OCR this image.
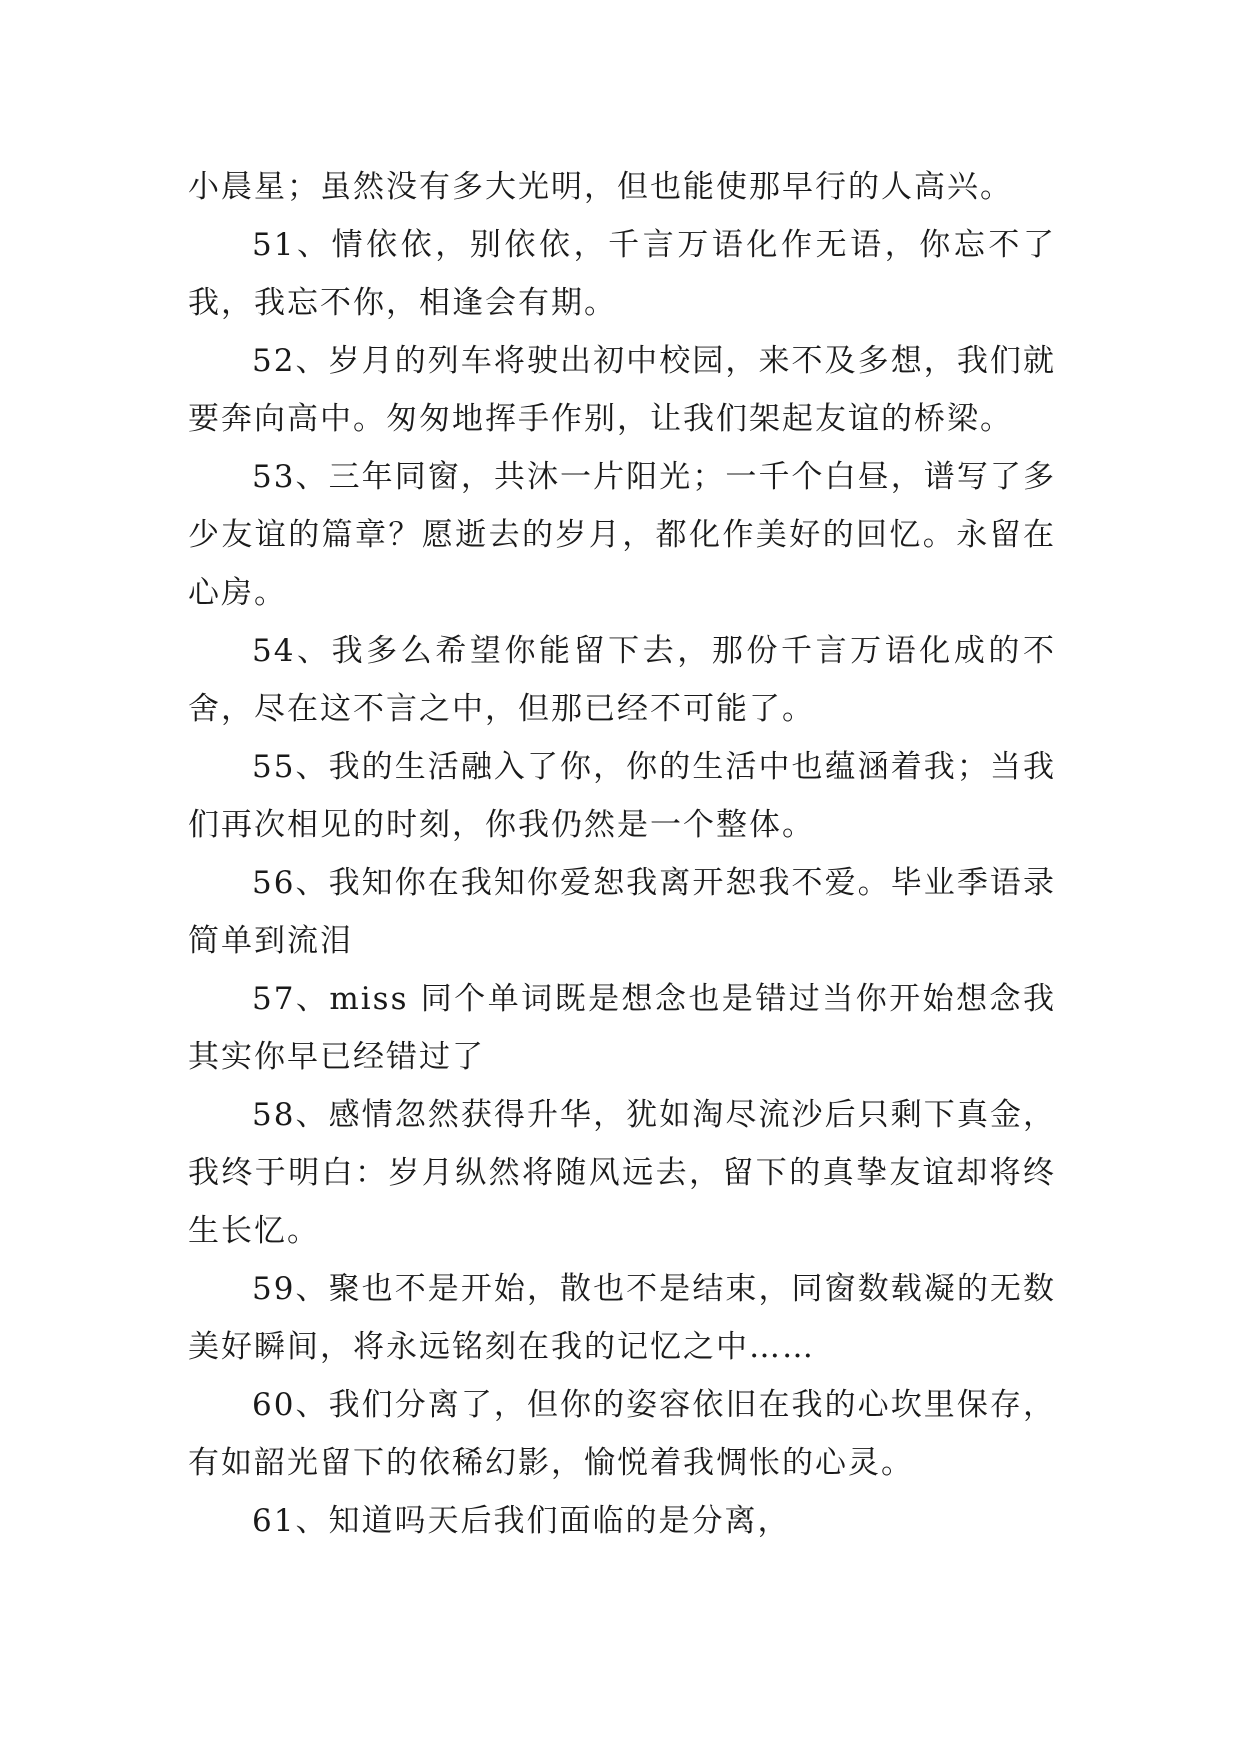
小晨星；虽然没有多大光明，但也能使那早行的人高兴。

51、情依依，别依依，千言万语化作无语，你忘不了我，我忘不你，相逢会有期。

52、岁月的列车将驶出初中校园，来不及多想，我们就要奔向高中。匆匆地挥手作别，让我们架起友谊的桥梁。

53、三年同窗，共沐一片阳光；一千个白昼，谱写了多少友谊的篇章？愿逝去的岁月，都化作美好的回忆。永留在心房。

54、我多么希望你能留下去，那份千言万语化成的不舍，尽在这不言之中，但那已经不可能了。

55、我的生活融入了你，你的生活中也蕴涵着我；当我们再次相见的时刻，你我仍然是一个整体。

56、我知你在我知你爱恕我离开恕我不爱。毕业季语录简单到流泪

57、miss 同个单词既是想念也是错过当你开始想念我其实你早已经错过了

58、感情忽然获得升华，犹如淘尽流沙后只剩下真金，我终于明白：岁月纵然将随风远去，留下的真挚友谊却将终生长忆。

59、聚也不是开始，散也不是结束，同窗数载凝的无数美好瞬间，将永远铭刻在我的记忆之中……

60、我们分离了，但你的姿容依旧在我的心坎里保存，有如韶光留下的依稀幻影，愉悦着我惆怅的心灵。

61、知道吗天后我们面临的是分离，
